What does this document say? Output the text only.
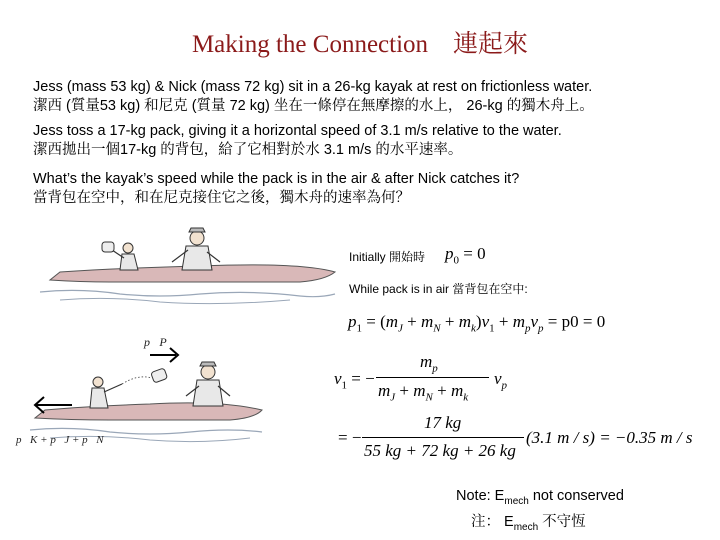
Making the Connection　連起來
Jess (mass 53 kg) & Nick (mass 72 kg) sit in a 26-kg kayak at rest on frictionless water.
潔西 (質量53 kg) 和尼克 (質量 72 kg) 坐在一條停在無摩擦的水上， 26-kg 的獨木舟上。
Jess toss a 17-kg pack, giving it a horizontal speed of 3.1 m/s relative to the water.
潔西拋出一個17-kg 的背包，給了它相對於水 3.1 m/s 的水平速率。
What’s the kayak’s speed while the pack is in the air & after Nick catches it?
當背包在空中，和在尼克接住它之後，獨木舟的速率為何？
p⃗P
p⃗K + p⃗J + p⃗N
Initially 開始時
While pack is in air 當背包在空中:
$p_0 = 0$
$p_1 = (m_J + m_N + m_k)v_1 + m_pv_p = p0 = 0$
$v_1$ = −
$m_p$
$m_J + m_N + m_k$
$v_p$
= −
17 kg
55 kg + 72 kg + 26 kg
(3.1 m / s) = −0.35 m / s
Note: $E_{mech}$ not conserved
注： $E_{mech}$ 不守恆
